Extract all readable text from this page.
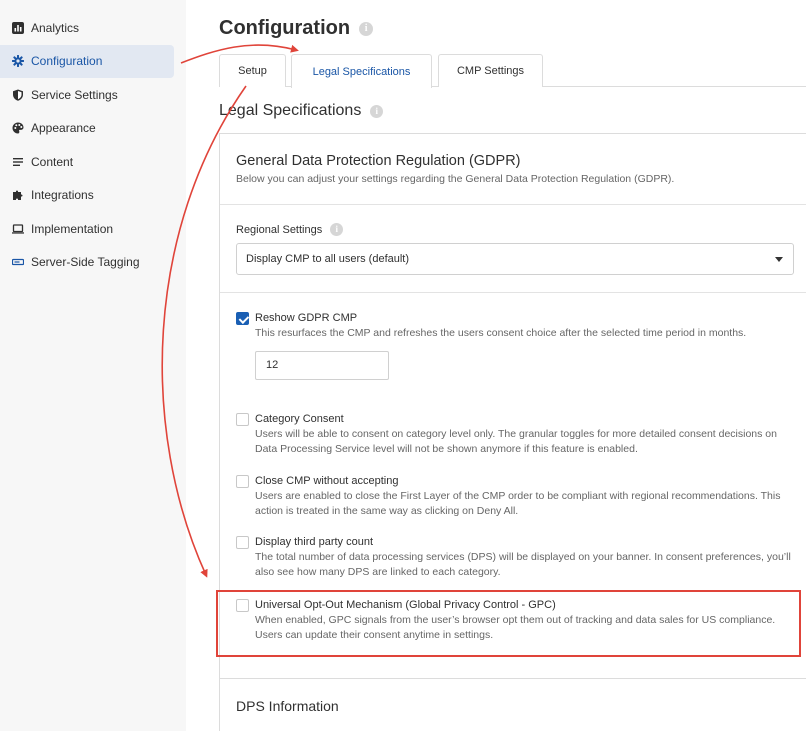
Analytics
Configuration
Service Settings
Appearance
Content
Integrations
Implementation
Server-Side Tagging
Configuration	i
Setup	Legal Specifications	CMP Settings
Legal Specifications	i
General Data Protection Regulation (GDPR)
Below you can adjust your settings regarding the General Data Protection Regulation (GDPR).
Regional Settings	i
Display CMP to all users (default)
Reshow GDPR CMP
This resurfaces the CMP and refreshes the users consent choice after the selected time period in months.
12
Category Consent
Users will be able to consent on category level only. The granular toggles for more detailed consent decisions on Data Processing Service level will not be shown anymore if this feature is enabled.
Close CMP without accepting
Users are enabled to close the First Layer of the CMP order to be compliant with regional recommendations. This action is treated in the same way as clicking on Deny All.
Display third party count
The total number of data processing services (DPS) will be displayed on your banner. In consent preferences, you’ll also see how many DPS are linked to each category.
Universal Opt-Out Mechanism (Global Privacy Control - GPC)
When enabled, GPC signals from the user’s browser opt them out of tracking and data sales for US compliance. Users can update their consent anytime in settings.
DPS Information
